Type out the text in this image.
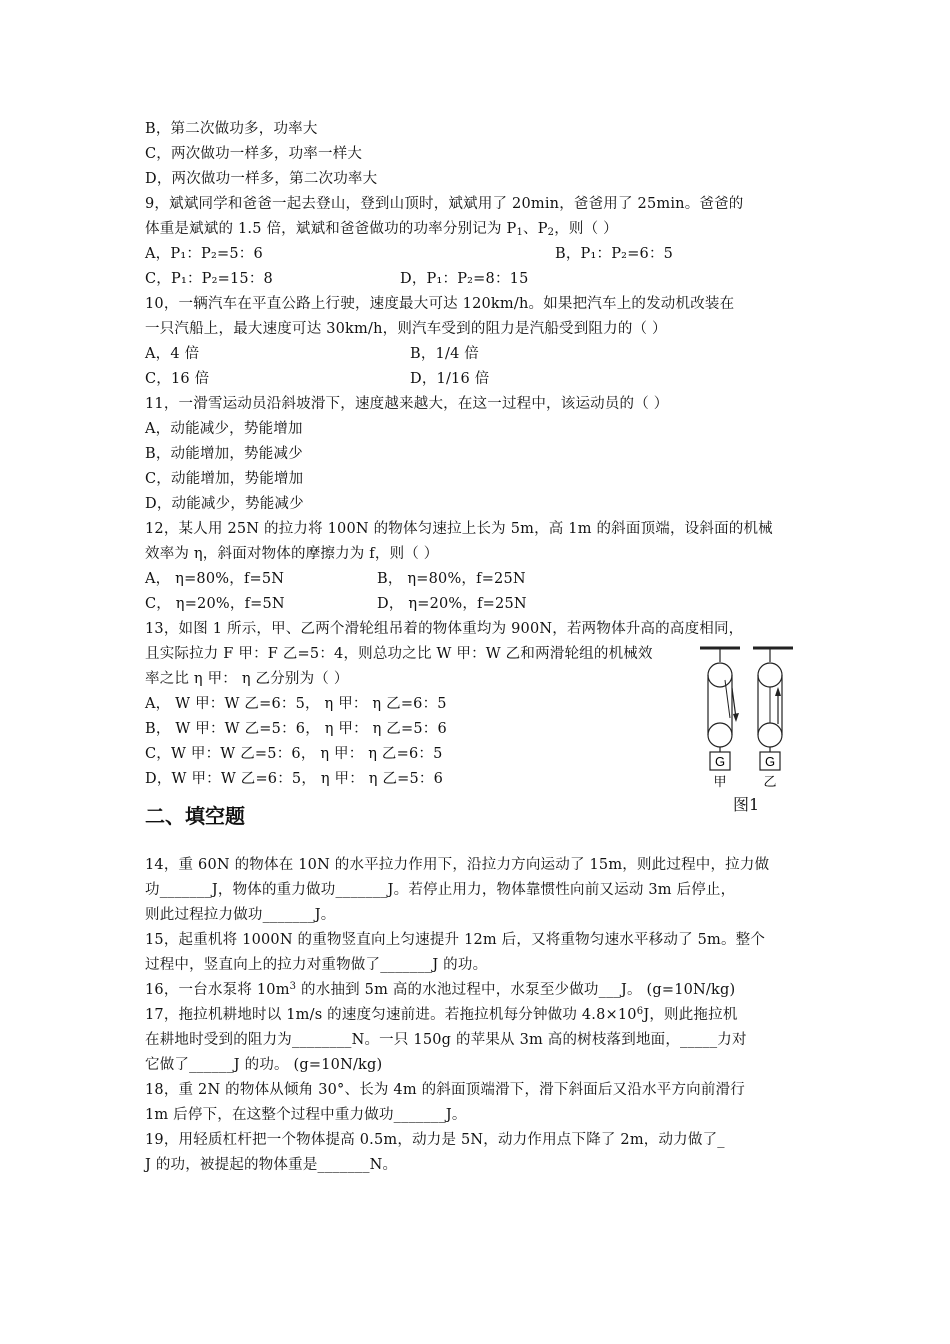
B，第二次做功多，功率大
C，两次做功一样多，功率一样大
D，两次做功一样多，第二次功率大
9，斌斌同学和爸爸一起去登山，登到山顶时，斌斌用了 20min，爸爸用了 25min。爸爸的
体重是斌斌的 1.5 倍，斌斌和爸爸做功的功率分别记为 $P_1$、$P_2$，则（ ）
A，P₁：P₂=5：6	B，P₁：P₂=6：5
C，P₁：P₂=15：8	D，P₁：P₂=8：15
10，一辆汽车在平直公路上行驶，速度最大可达 120km/h。如果把汽车上的发动机改装在
一只汽船上，最大速度可达 30km/h，则汽车受到的阻力是汽船受到阻力的（ ）
A，4 倍	B，1/4 倍
C，16 倍	D，1/16 倍
11，一滑雪运动员沿斜坡滑下，速度越来越大，在这一过程中，该运动员的（ ）
A，动能减少，势能增加
B，动能增加，势能减少
C，动能增加，势能增加
D，动能减少，势能减少
12，某人用 25N 的拉力将 100N 的物体匀速拉上长为 5m，高 1m 的斜面顶端，设斜面的机械
效率为 η，斜面对物体的摩擦力为 f，则（ ）
A， η=80%，f=5N	B， η=80%，f=25N
C， η=20%，f=5N	D， η=20%，f=25N
13，如图 1 所示，甲、乙两个滑轮组吊着的物体重均为 900N，若两物体升高的高度相同，
且实际拉力 F 甲：F 乙=5：4，则总功之比 W 甲：W 乙和两滑轮组的机械效
率之比 η 甲： η 乙分别为（ ）
A， W 甲：W 乙=6：5， η 甲： η 乙=6：5
B， W 甲：W 乙=5：6， η 甲： η 乙=5：6
C，W 甲：W 乙=5：6， η 甲： η 乙=6：5
D，W 甲：W 乙=6：5， η 甲： η 乙=5：6
G	G
甲	乙
图1
二、填空题
14，重 60N 的物体在 10N 的水平拉力作用下，沿拉力方向运动了 15m，则此过程中，拉力做
功_______J，物体的重力做功_______J。若停止用力，物体靠惯性向前又运动 3m 后停止，
则此过程拉力做功_______J。
15，起重机将 1000N 的重物竖直向上匀速提升 12m 后，又将重物匀速水平移动了 5m。整个
过程中，竖直向上的拉力对重物做了_______J 的功。
16，一台水泵将 $10m^3$ 的水抽到 5m 高的水池过程中，水泵至少做功___J。 (g=10N/kg)
17，拖拉机耕地时以 1m/s 的速度匀速前进。若拖拉机每分钟做功 $4.8\times 10^6J$，则此拖拉机
在耕地时受到的阻力为________N。一只 150g 的苹果从 3m 高的树枝落到地面，_____力对
它做了______J 的功。 (g=10N/kg)
18，重 2N 的物体从倾角 30°、长为 4m 的斜面顶端滑下，滑下斜面后又沿水平方向前滑行
1m 后停下，在这整个过程中重力做功_______J。
19，用轻质杠杆把一个物体提高 0.5m，动力是 5N，动力作用点下降了 2m，动力做了_
J 的功，被提起的物体重是_______N。
